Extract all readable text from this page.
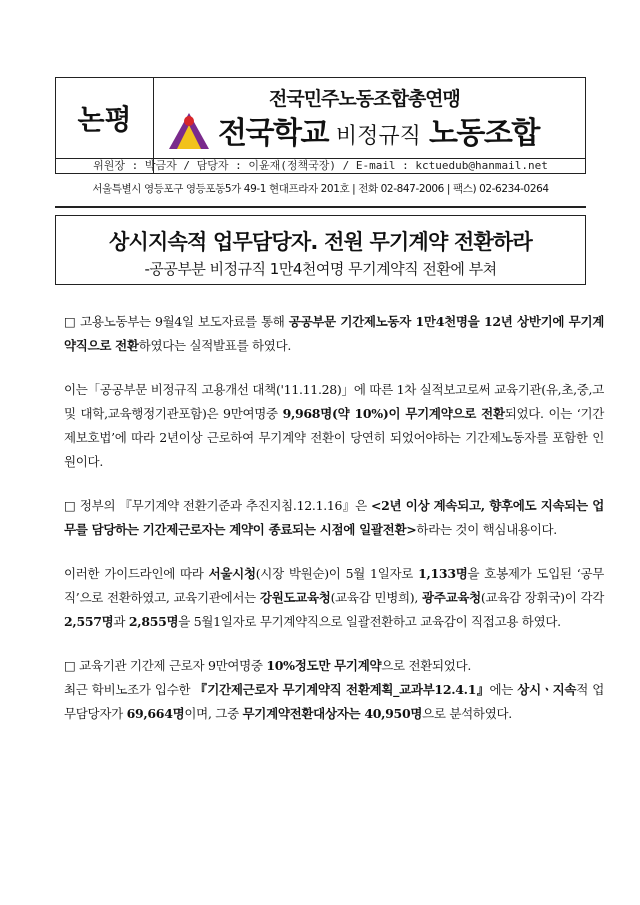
논평
전국민주노동조합총연맹
전국학교 비정규직 노동조합
위원장 : 박금자 / 담당자 : 이윤재(정책국장) / E-mail : kctuedub@hanmail.net
서울특별시 영등포구 영등포동5가 49-1 현대프라자 201호 | 전화 02-847-2006 | 팩스) 02-6234-0264
상시지속적 업무담당자. 전원 무기계약 전환하라
-공공부분 비정규직 1만4천여명 무기계약직 전환에 부쳐

□ 고용노동부는 9월4일 보도자료를 통해 공공부문 기간제노동자 1만4천명을 12년 상반기에 무기계약직으로 전환하였다는 실적발표를 하였다.

이는「공공부문 비정규직 고용개선 대책('11.11.28)」에 따른 1차 실적보고로써 교육기관(유,초,중,고 및 대학,교육행정기관포함)은 9만여명중 9,968명(약 10%)이 무기계약으로 전환되었다. 이는 ‘기간제보호법’에 따라 2년이상 근로하여 무기계약 전환이 당연히 되었어야하는 기간제노동자를 포함한 인원이다.

□ 정부의 『무기계약 전환기준과 추진지침.12.1.16』은 <2년 이상 계속되고, 향후에도 지속되는 업무를 담당하는 기간제근로자는 계약이 종료되는 시점에 일괄전환>하라는 것이 핵심내용이다.

이러한 가이드라인에 따라 서울시청(시장 박원순)이 5월 1일자로 1,133명을 호봉제가 도입된 ‘공무직’으로 전환하였고, 교육기관에서는 강원도교육청(교육감 민병희), 광주교육청(교육감 장휘국)이 각각 2,557명과 2,855명을 5월1일자로 무기계약직으로 일괄전환하고 교육감이 직접고용 하였다.

□ 교육기관 기간제 근로자 9만여명중 10%정도만 무기계약으로 전환되었다.

최근 학비노조가 입수한 『기간제근로자 무기계약직 전환계획_교과부12.4.1』에는 상시ㆍ지속적 업무담당자가 69,664명이며, 그중 무기계약전환대상자는 40,950명으로 분석하였다.
